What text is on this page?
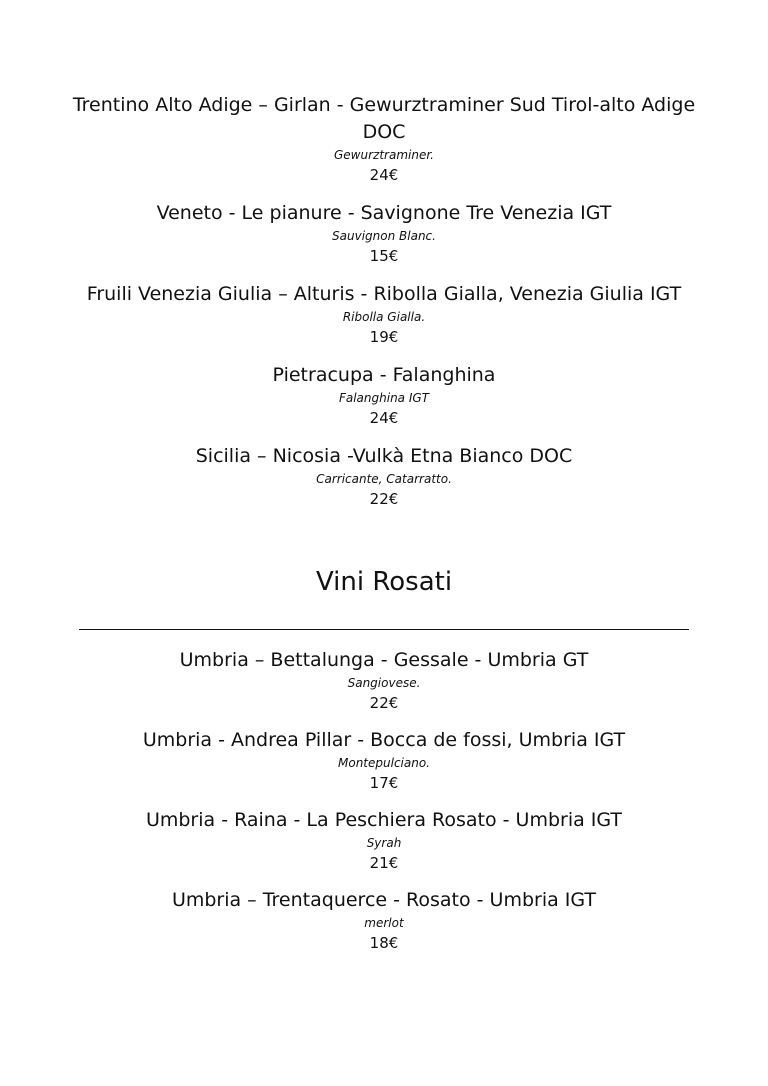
Trentino Alto Adige – Girlan - Gewurztraminer Sud Tirol-alto Adige DOC
Gewurztraminer.
24€
Veneto - Le pianure - Savignone Tre Venezia IGT
Sauvignon Blanc.
15€
Fruili Venezia Giulia – Alturis - Ribolla Gialla, Venezia Giulia IGT
Ribolla Gialla.
19€
Pietracupa - Falanghina
Falanghina IGT
24€
Sicilia – Nicosia -Vulkà Etna Bianco DOC
Carricante, Catarratto.
22€
Vini Rosati
Umbria – Bettalunga - Gessale - Umbria GT
Sangiovese.
22€
Umbria - Andrea Pillar - Bocca de fossi, Umbria IGT
Montepulciano.
17€
Umbria - Raina - La Peschiera Rosato - Umbria IGT
Syrah
21€
Umbria – Trentaquerce - Rosato - Umbria IGT
merlot
18€
